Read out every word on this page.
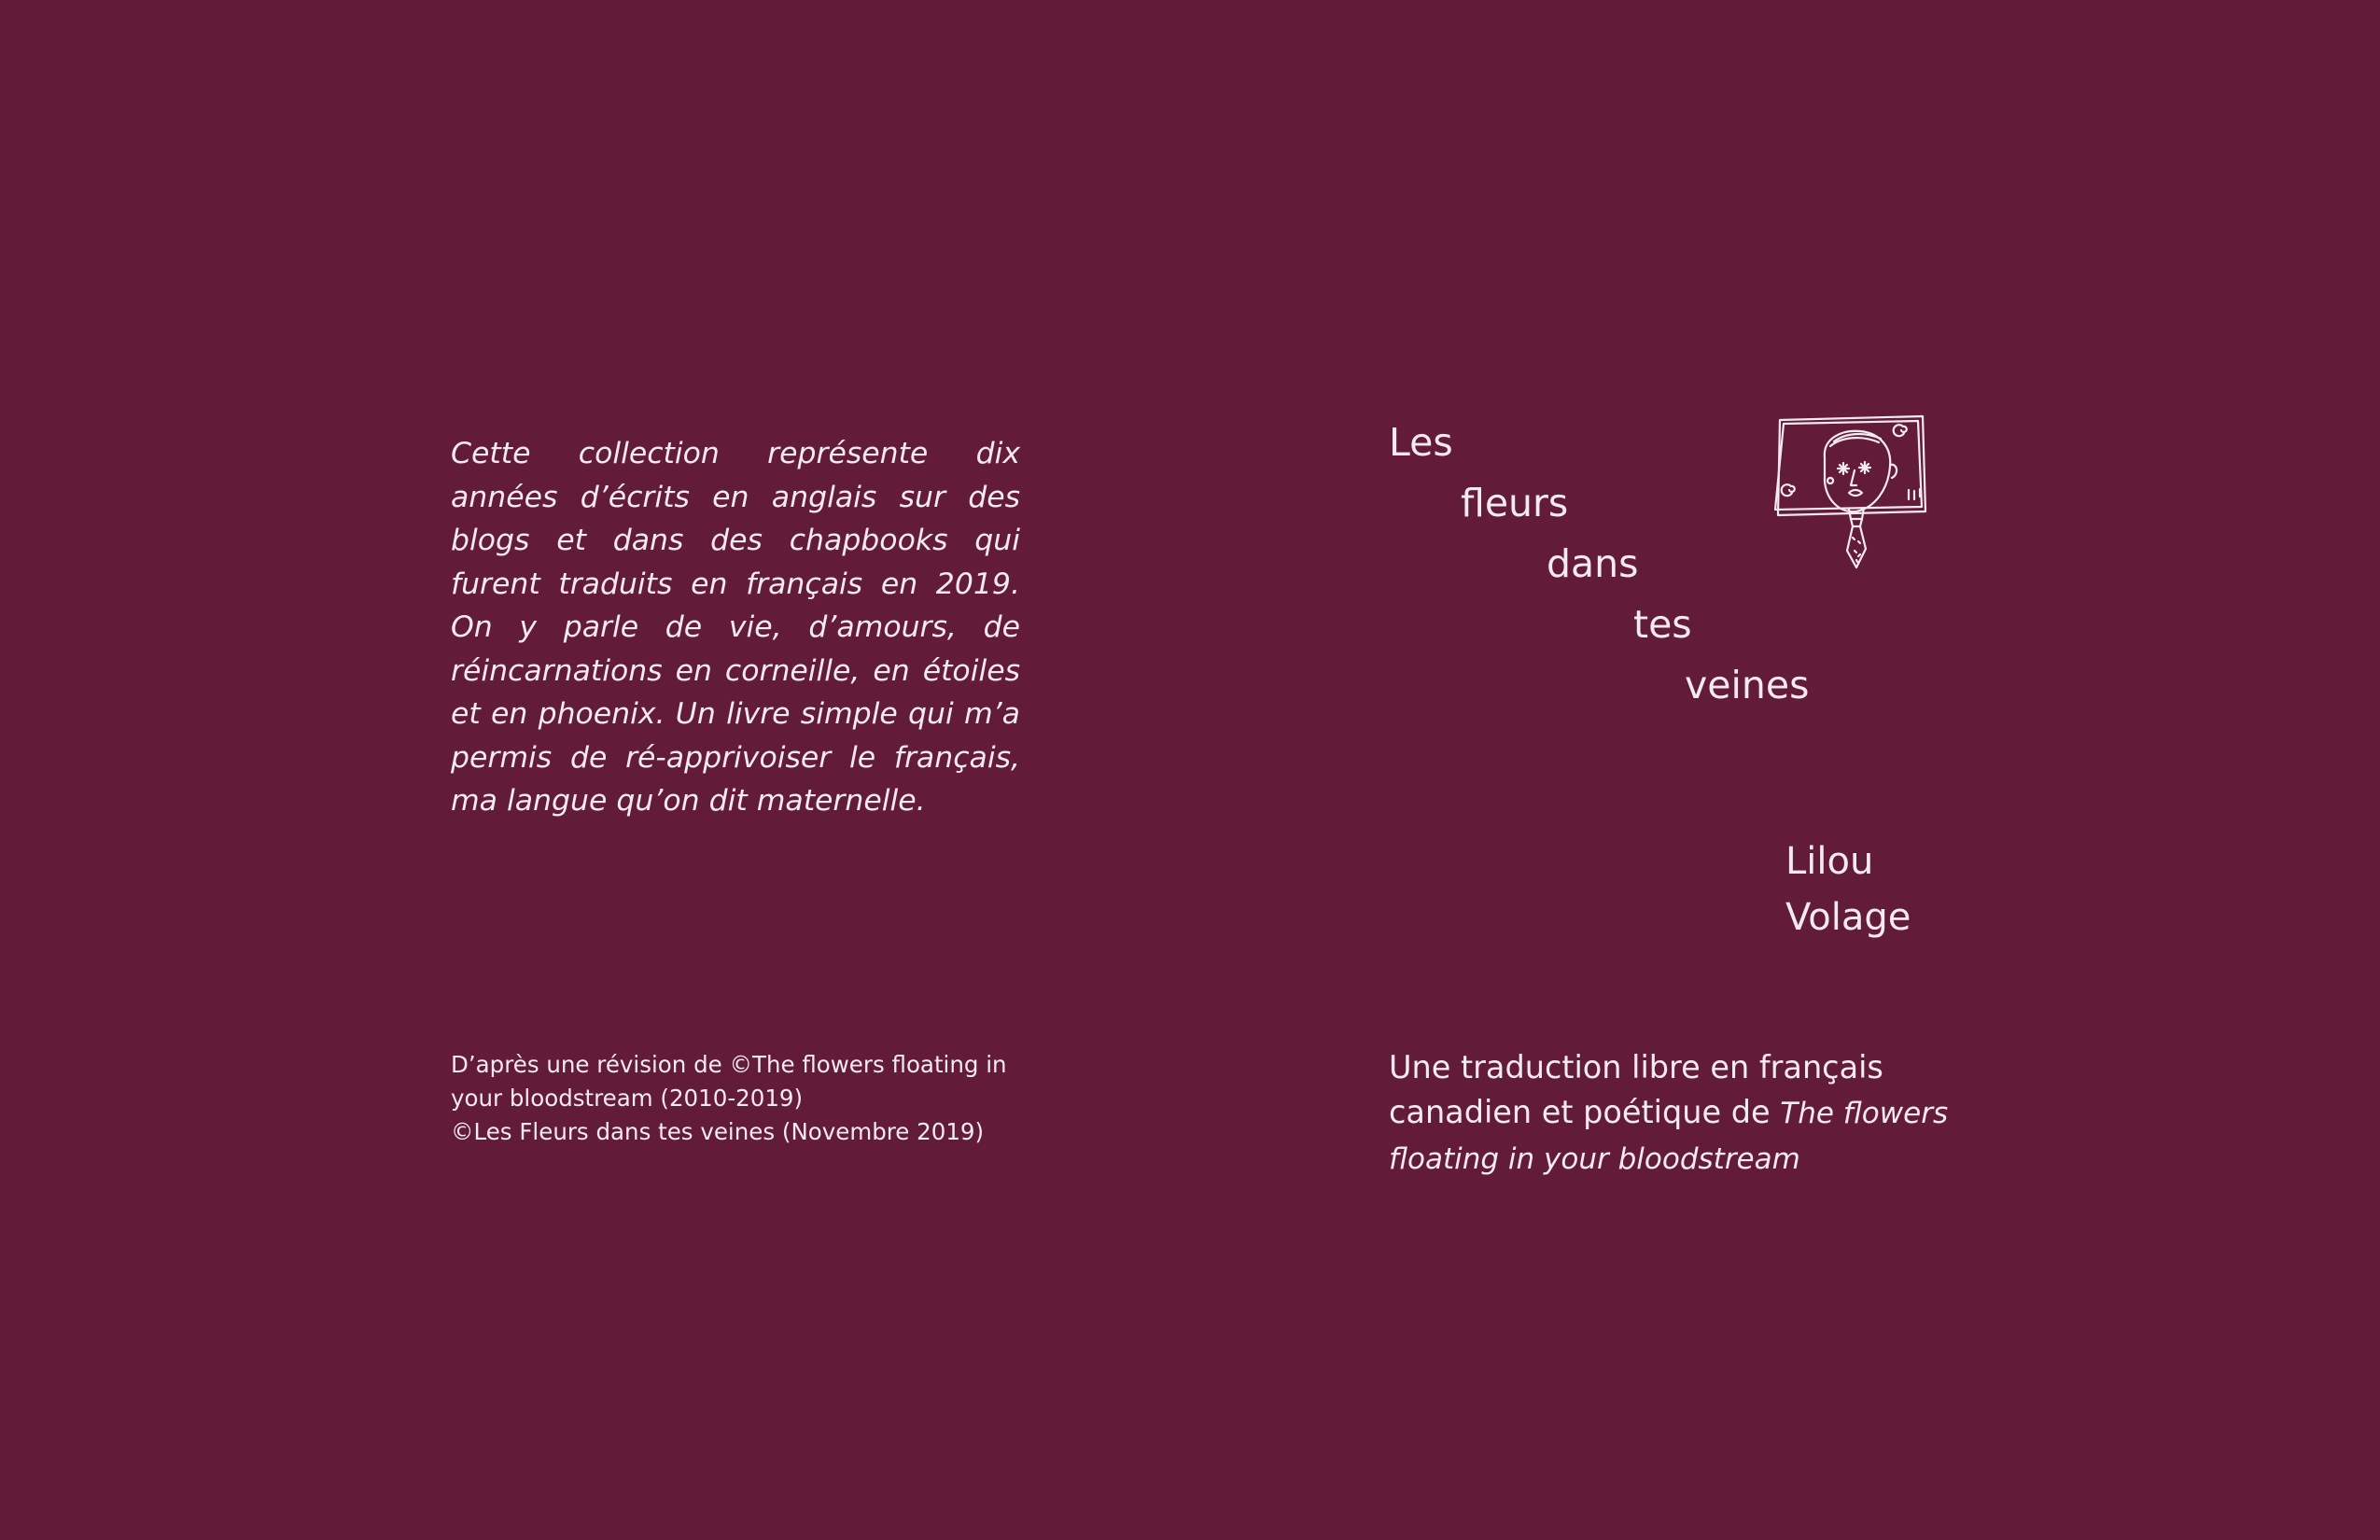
Cette collection représente dix années d’écrits en anglais sur des blogs et dans des chapbooks qui furent traduits en français en 2019. On y parle de vie, d’amours, de réincarnations en corneille, en étoiles et en phoenix. Un livre simple qui m’a permis de ré-apprivoiser le français, ma langue qu’on dit maternelle.

D’après une révision de ©The flowers floating in
your bloodstream (2010-2019)
©Les Fleurs dans tes veines (Novembre 2019)

Les
fleurs
dans
tes
veines

Lilou
Volage

Une traduction libre en français
canadien et poétique de The flowers
floating in your bloodstream
